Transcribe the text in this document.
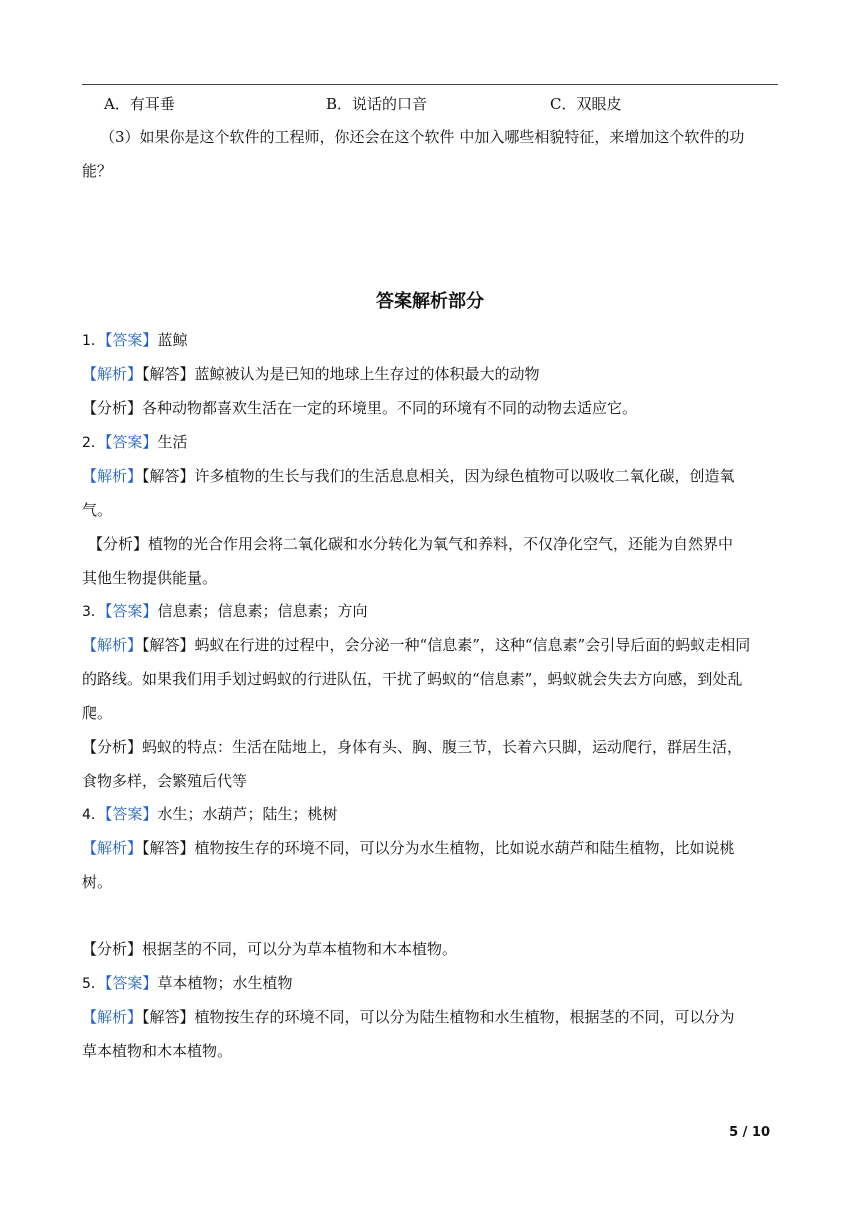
A．有耳垂	B．说话的口音	C．双眼皮
（3）如果你是这个软件的工程师，你还会在这个软件 中加入哪些相貌特征，来增加这个软件的功
能？
答案解析部分
1．【答案】蓝鲸
【解析】【解答】蓝鲸被认为是已知的地球上生存过的体积最大的动物
【分析】各种动物都喜欢生活在一定的环境里。不同的环境有不同的动物去适应它。
2．【答案】生活
【解析】【解答】许多植物的生长与我们的生活息息相关，因为绿色植物可以吸收二氧化碳，创造氧
气。
【分析】植物的光合作用会将二氧化碳和水分转化为氧气和养料，不仅净化空气，还能为自然界中
其他生物提供能量。
3．【答案】信息素；信息素；信息素；方向
【解析】【解答】蚂蚁在行进的过程中，会分泌一种“信息素”，这种“信息素”会引导后面的蚂蚁走相同
的路线。如果我们用手划过蚂蚁的行进队伍，干扰了蚂蚁的“信息素”，蚂蚁就会失去方向感，到处乱
爬。
【分析】蚂蚁的特点：生活在陆地上，身体有头、胸、腹三节，长着六只脚，运动爬行，群居生活，
食物多样，会繁殖后代等
4．【答案】水生；水葫芦；陆生；桃树
【解析】【解答】植物按生存的环境不同，可以分为水生植物，比如说水葫芦和陆生植物，比如说桃
树。
【分析】根据茎的不同，可以分为草本植物和木本植物。
5．【答案】草本植物；水生植物
【解析】【解答】植物按生存的环境不同，可以分为陆生植物和水生植物，根据茎的不同，可以分为
草本植物和木本植物。
5 / 10
